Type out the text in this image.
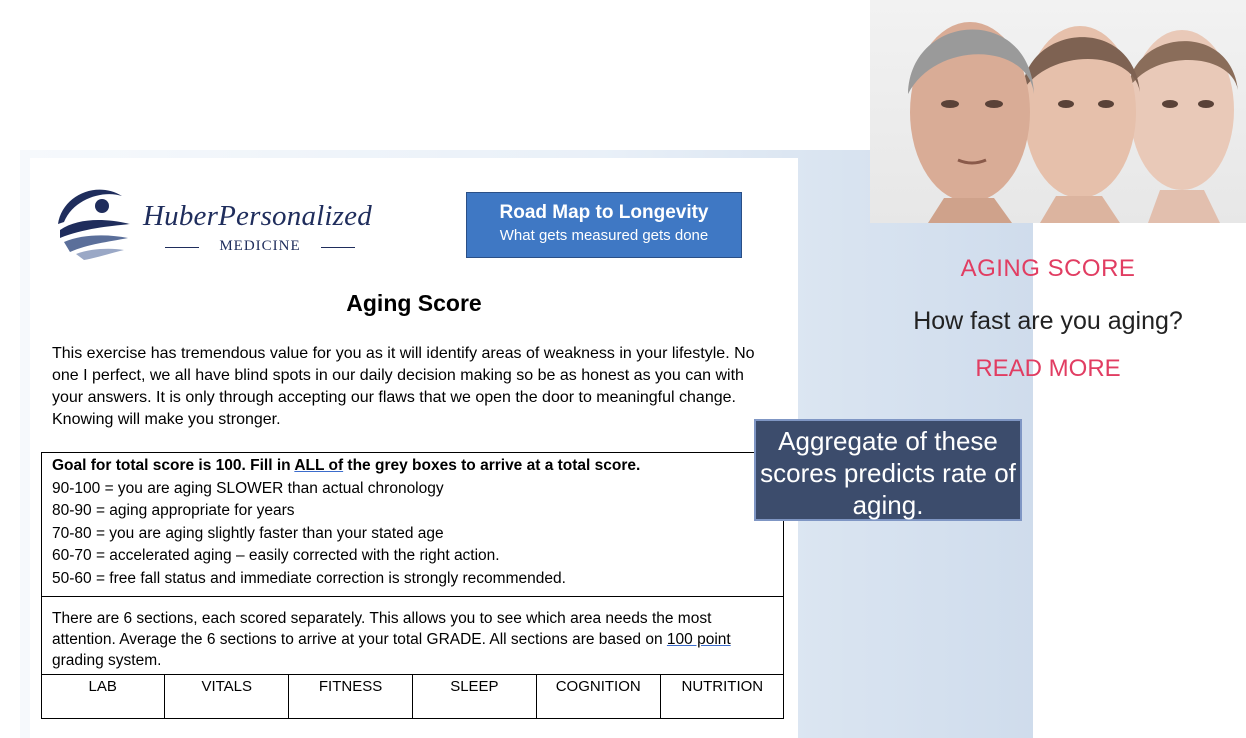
HuberPersonalized
MEDICINE
Road Map to Longevity
What gets measured gets done
Aging Score
This exercise has tremendous value for you as it will identify areas of weakness in your lifestyle. No one I perfect, we all have blind spots in our daily decision making so be as honest as you can with your answers. It is only through accepting our flaws that we open the door to meaningful change. Knowing will make you stronger.
Goal for total score is 100. Fill in ALL of the grey boxes to arrive at a total score.
90-100 = you are aging SLOWER than actual chronology
80-90 = aging appropriate for years
70-80 = you are aging slightly faster than your stated age
60-70 = accelerated aging – easily corrected with the right action.
50-60 = free fall status and immediate correction is strongly recommended.
There are 6 sections, each scored separately. This allows you to see which area needs the most attention. Average the 6 sections to arrive at your total GRADE. All sections are based on 100 point grading system.
LAB	VITALS	FITNESS	SLEEP	COGNITION	NUTRITION
Aggregate of these scores predicts rate of aging.
AGING SCORE
How fast are you aging?
READ MORE
